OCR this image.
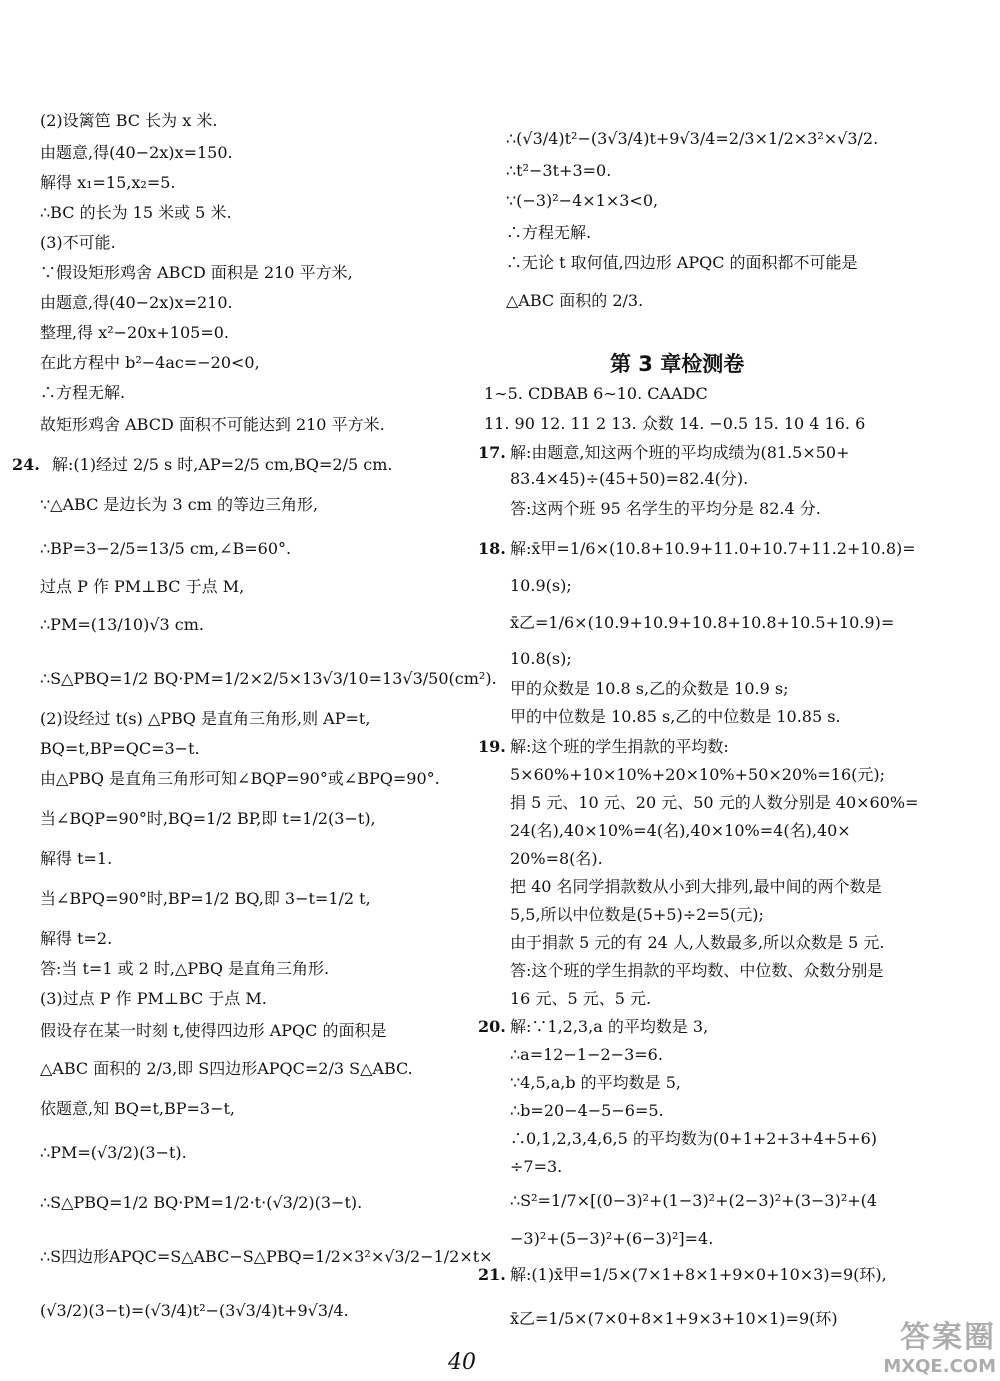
(2)设篱笆 BC 长为 x 米.
由题意,得(40−2x)x=150.
解得 x₁=15,x₂=5.
∴BC 的长为 15 米或 5 米.
(3)不可能.
∵假设矩形鸡舍 ABCD 面积是 210 平方米,
由题意,得(40−2x)x=210.
整理,得 x²−20x+105=0.
在此方程中 b²−4ac=−20<0,
∴方程无解.
故矩形鸡舍 ABCD 面积不可能达到 210 平方米.
解:(1)经过 2/5 s 时,AP=2/5 cm,BQ=2/5 cm.
∵△ABC 是边长为 3 cm 的等边三角形,
∴BP=3−2/5=13/5 cm,∠B=60°.
过点 P 作 PM⊥BC 于点 M,
∴PM=(13/10)√3 cm.
∴S△PBQ=1/2 BQ·PM=1/2×2/5×13√3/10=13√3/50(cm²).
(2)设经过 t(s) △PBQ 是直角三角形,则 AP=t,
BQ=t,BP=QC=3−t.
由△PBQ 是直角三角形可知∠BQP=90°或∠BPQ=90°.
当∠BQP=90°时,BQ=1/2 BP,即 t=1/2(3−t),
解得 t=1.
当∠BPQ=90°时,BP=1/2 BQ,即 3−t=1/2 t,
解得 t=2.
答:当 t=1 或 2 时,△PBQ 是直角三角形.
(3)过点 P 作 PM⊥BC 于点 M.
假设存在某一时刻 t,使得四边形 APQC 的面积是
△ABC 面积的 2/3,即 S四边形APQC=2/3 S△ABC.
依题意,知 BQ=t,BP=3−t,
∴PM=(√3/2)(3−t).
∴S△PBQ=1/2 BQ·PM=1/2·t·(√3/2)(3−t).
∴S四边形APQC=S△ABC−S△PBQ=1/2×3²×√3/2−1/2×t×
(√3/2)(3−t)=(√3/4)t²−(3√3/4)t+9√3/4.
24.
第 3 章检测卷
∴(√3/4)t²−(3√3/4)t+9√3/4=2/3×1/2×3²×√3/2.
∴t²−3t+3=0.
∵(−3)²−4×1×3<0,
∴方程无解.
∴无论 t 取何值,四边形 APQC 的面积都不可能是
△ABC 面积的 2/3.
1∼5. CDBAB 6∼10. CAADC
11. 90 12. 11 2 13. 众数 14. −0.5 15. 10 4 16. 6
解:由题意,知这两个班的平均成绩为(81.5×50+
83.4×45)÷(45+50)=82.4(分).
答:这两个班 95 名学生的平均分是 82.4 分.
解:x̄甲=1/6×(10.8+10.9+11.0+10.7+11.2+10.8)=
10.9(s);
x̄乙=1/6×(10.9+10.9+10.8+10.8+10.5+10.9)=
10.8(s);
甲的众数是 10.8 s,乙的众数是 10.9 s;
甲的中位数是 10.85 s,乙的中位数是 10.85 s.
解:这个班的学生捐款的平均数:
5×60%+10×10%+20×10%+50×20%=16(元);
捐 5 元、10 元、20 元、50 元的人数分别是 40×60%=
24(名),40×10%=4(名),40×10%=4(名),40×
20%=8(名).
把 40 名同学捐款数从小到大排列,最中间的两个数是
5,5,所以中位数是(5+5)÷2=5(元);
由于捐款 5 元的有 24 人,人数最多,所以众数是 5 元.
答:这个班的学生捐款的平均数、中位数、众数分别是
16 元、5 元、5 元.
解:∵1,2,3,a 的平均数是 3,
∴a=12−1−2−3=6.
∵4,5,a,b 的平均数是 5,
∴b=20−4−5−6=5.
∴0,1,2,3,4,6,5 的平均数为(0+1+2+3+4+5+6)
÷7=3.
∴S²=1/7×[(0−3)²+(1−3)²+(2−3)²+(3−3)²+(4
−3)²+(5−3)²+(6−3)²]=4.
解:(1)x̄甲=1/5×(7×1+8×1+9×0+10×3)=9(环),
x̄乙=1/5×(7×0+8×1+9×3+10×1)=9(环)
17.
18.
19.
20.
21.
40
答案圈
MXQE.COM
